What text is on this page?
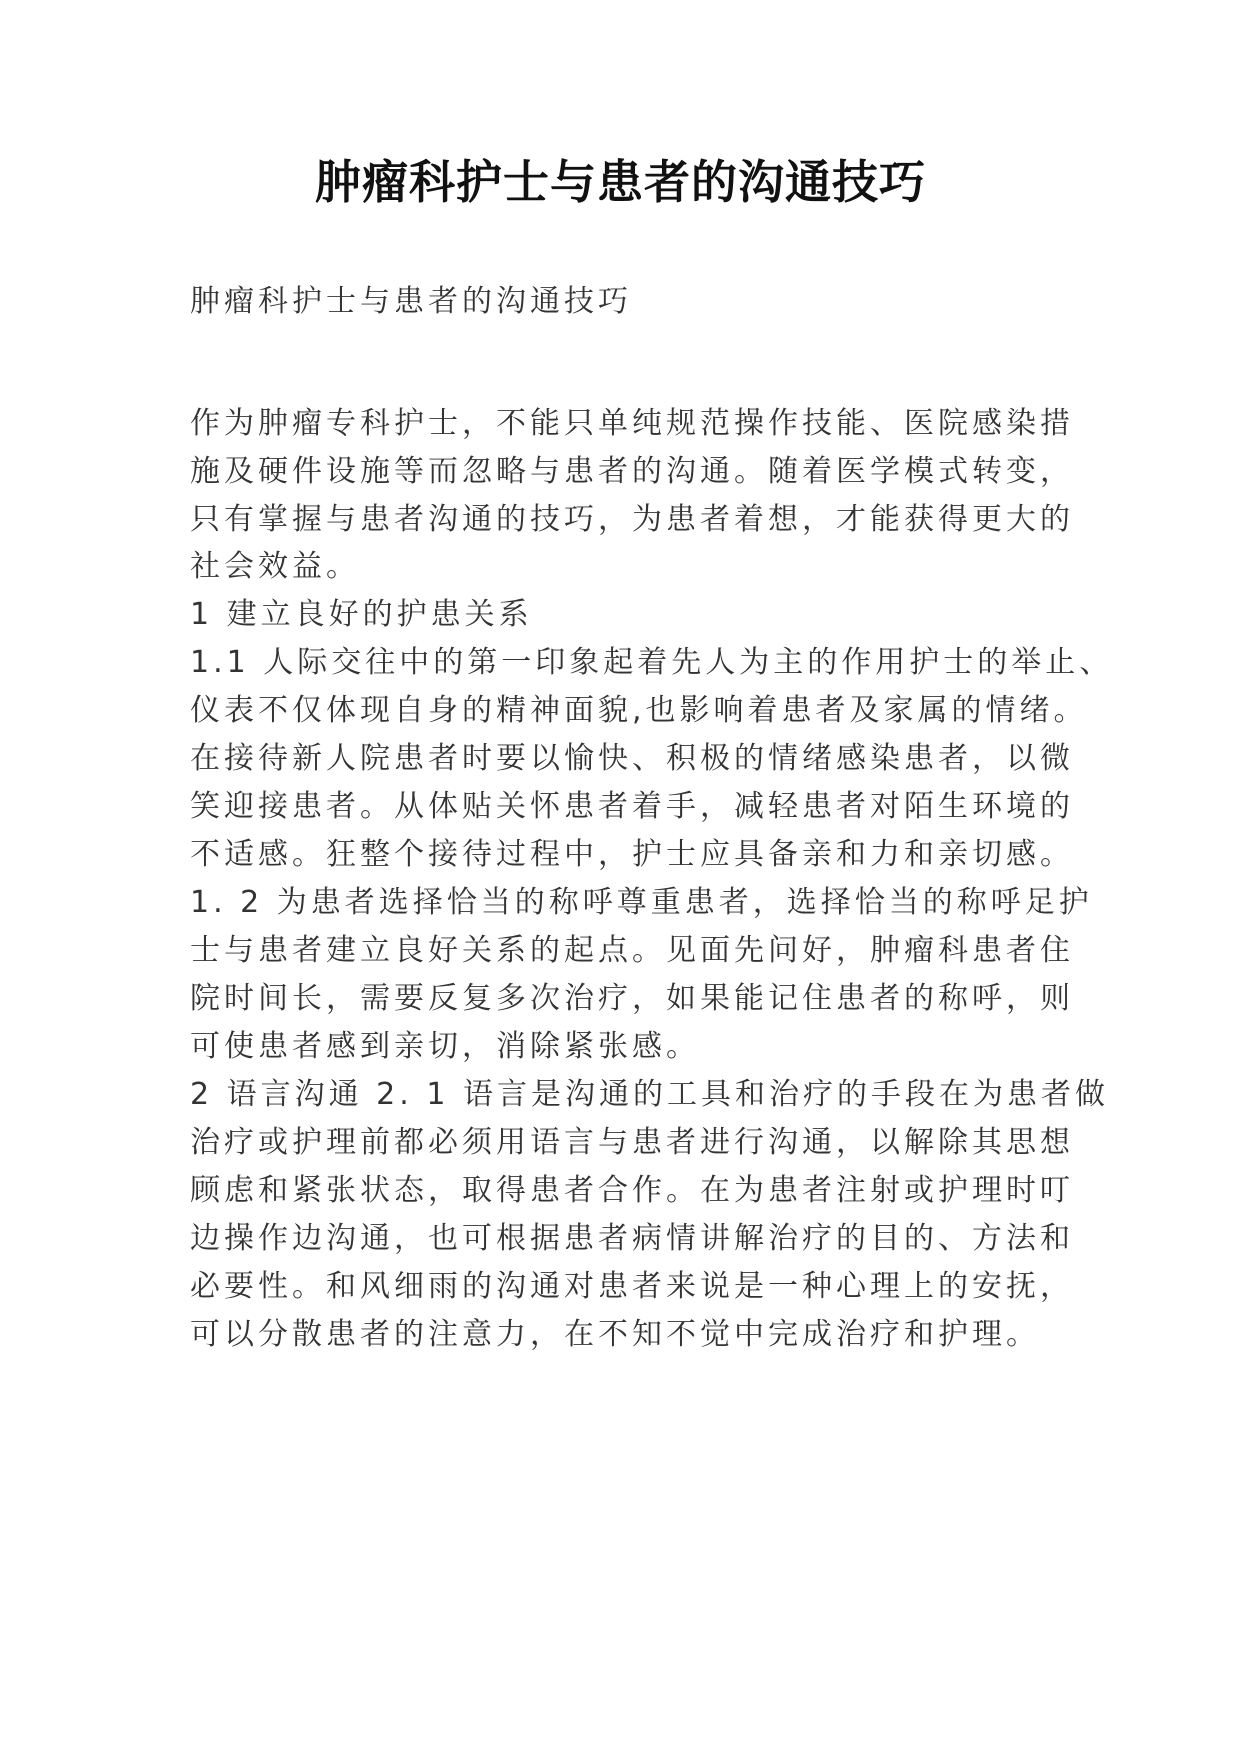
肿瘤科护士与患者的沟通技巧
肿瘤科护士与患者的沟通技巧
作为肿瘤专科护士，不能只单纯规范操作技能、医院感染措
施及硬件设施等而忽略与患者的沟通。随着医学模式转变，
只有掌握与患者沟通的技巧，为患者着想，才能获得更大的
社会效益。
1 建立良好的护患关系
1.1 人际交往中的第一印象起着先人为主的作用护士的举止、
仪表不仅体现自身的精神面貌,也影响着患者及家属的情绪。
在接待新人院患者时要以愉快、积极的情绪感染患者，以微
笑迎接患者。从体贴关怀患者着手，减轻患者对陌生环境的
不适感。狂整个接待过程中，护士应具备亲和力和亲切感。
1. 2 为患者选择恰当的称呼尊重患者，选择恰当的称呼足护
士与患者建立良好关系的起点。见面先问好，肿瘤科患者住
院时间长，需要反复多次治疗，如果能记住患者的称呼，则
可使患者感到亲切，消除紧张感。
2 语言沟通 2. 1 语言是沟通的工具和治疗的手段在为患者做
治疗或护理前都必须用语言与患者进行沟通，以解除其思想
顾虑和紧张状态，取得患者合作。在为患者注射或护理时叮
边操作边沟通，也可根据患者病情讲解治疗的目的、方法和
必要性。和风细雨的沟通对患者来说是一种心理上的安抚，
可以分散患者的注意力，在不知不觉中完成治疗和护理。
